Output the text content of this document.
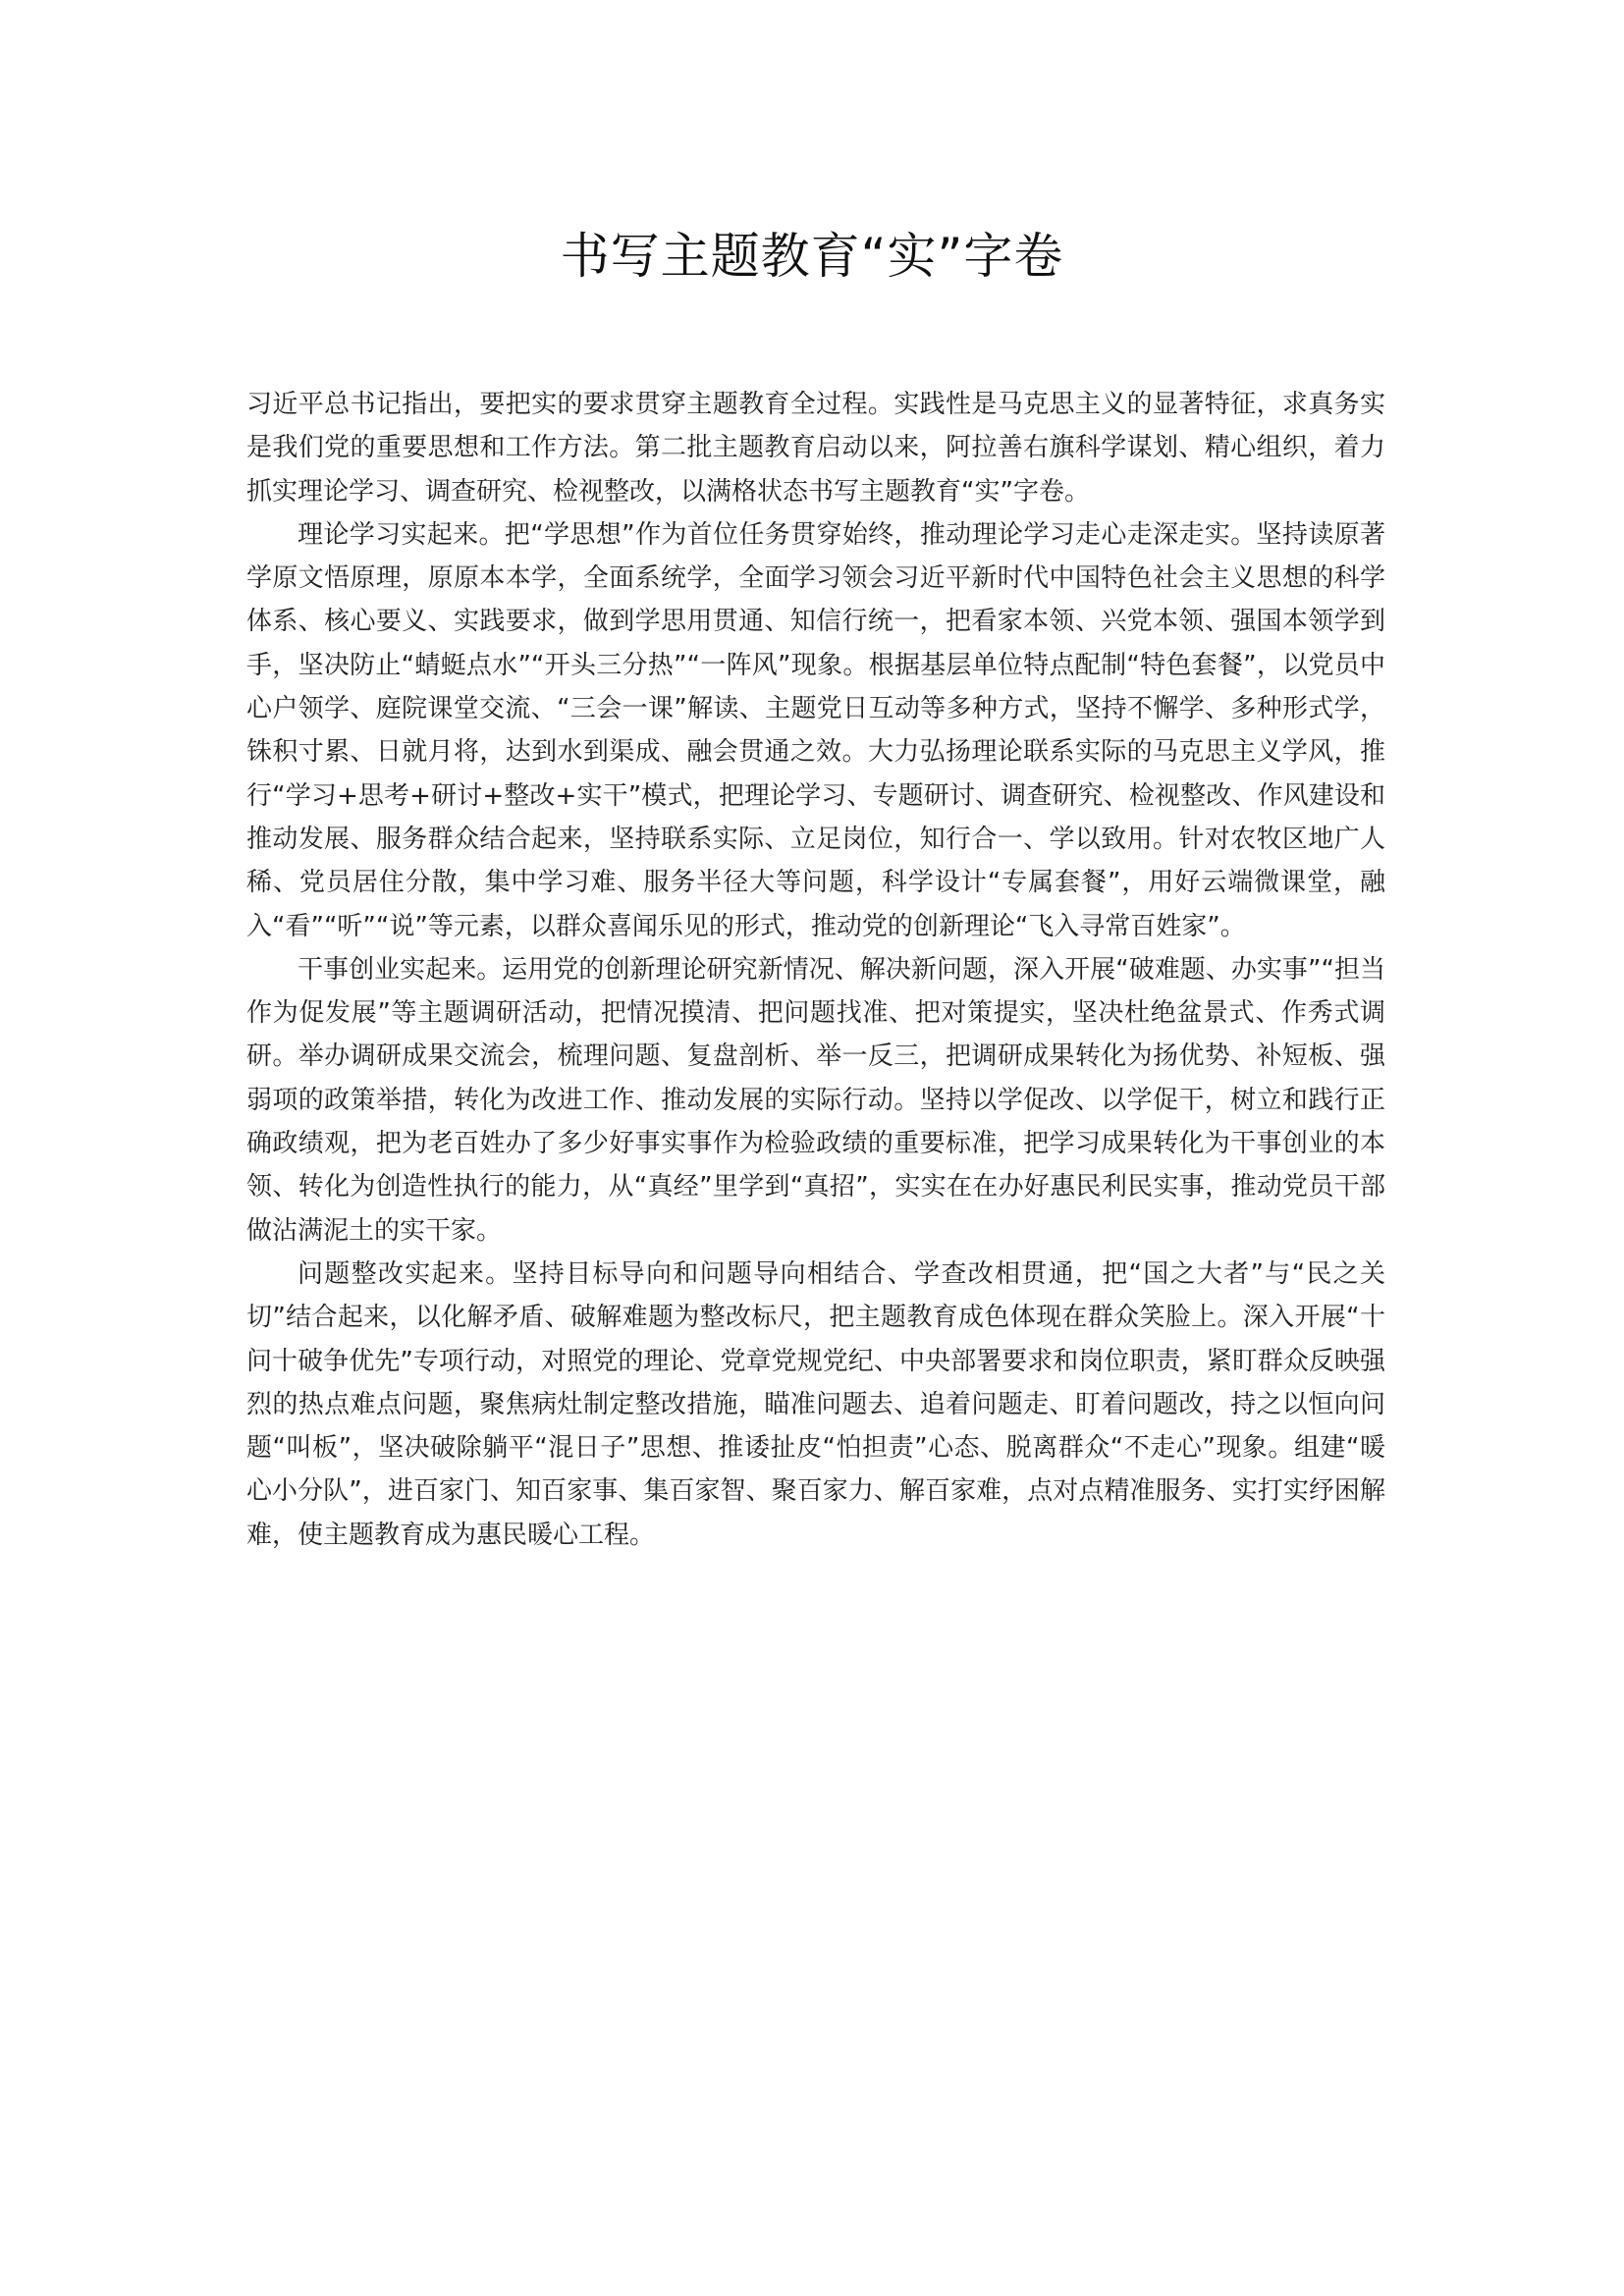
书写主题教育“实”字卷

习近平总书记指出，要把实的要求贯穿主题教育全过程。实践性是马克思主义的显著特征，求真务实是我们党的重要思想和工作方法。第二批主题教育启动以来，阿拉善右旗科学谋划、精心组织，着力抓实理论学习、调查研究、检视整改，以满格状态书写主题教育“实”字卷。

理论学习实起来。把“学思想”作为首位任务贯穿始终，推动理论学习走心走深走实。坚持读原著学原文悟原理，原原本本学，全面系统学，全面学习领会习近平新时代中国特色社会主义思想的科学体系、核心要义、实践要求，做到学思用贯通、知信行统一，把看家本领、兴党本领、强国本领学到手，坚决防止“蜻蜓点水”“开头三分热”“一阵风”现象。根据基层单位特点配制“特色套餐”，以党员中心户领学、庭院课堂交流、“三会一课”解读、主题党日互动等多种方式，坚持不懈学、多种形式学，铢积寸累、日就月将，达到水到渠成、融会贯通之效。大力弘扬理论联系实际的马克思主义学风，推行“学习+思考+研讨+整改+实干”模式，把理论学习、专题研讨、调查研究、检视整改、作风建设和推动发展、服务群众结合起来，坚持联系实际、立足岗位，知行合一、学以致用。针对农牧区地广人稀、党员居住分散，集中学习难、服务半径大等问题，科学设计“专属套餐”，用好云端微课堂，融入“看”“听”“说”等元素，以群众喜闻乐见的形式，推动党的创新理论“飞入寻常百姓家”。

干事创业实起来。运用党的创新理论研究新情况、解决新问题，深入开展“破难题、办实事”“担当作为促发展”等主题调研活动，把情况摸清、把问题找准、把对策提实，坚决杜绝盆景式、作秀式调研。举办调研成果交流会，梳理问题、复盘剖析、举一反三，把调研成果转化为扬优势、补短板、强弱项的政策举措，转化为改进工作、推动发展的实际行动。坚持以学促改、以学促干，树立和践行正确政绩观，把为老百姓办了多少好事实事作为检验政绩的重要标准，把学习成果转化为干事创业的本领、转化为创造性执行的能力，从“真经”里学到“真招”，实实在在办好惠民利民实事，推动党员干部做沾满泥土的实干家。

问题整改实起来。坚持目标导向和问题导向相结合、学查改相贯通，把“国之大者”与“民之关切”结合起来，以化解矛盾、破解难题为整改标尺，把主题教育成色体现在群众笑脸上。深入开展“十问十破争优先”专项行动，对照党的理论、党章党规党纪、中央部署要求和岗位职责，紧盯群众反映强烈的热点难点问题，聚焦病灶制定整改措施，瞄准问题去、追着问题走、盯着问题改，持之以恒向问题“叫板”，坚决破除躺平“混日子”思想、推诿扯皮“怕担责”心态、脱离群众“不走心”现象。组建“暖心小分队”，进百家门、知百家事、集百家智、聚百家力、解百家难，点对点精准服务、实打实纾困解难，使主题教育成为惠民暖心工程。
